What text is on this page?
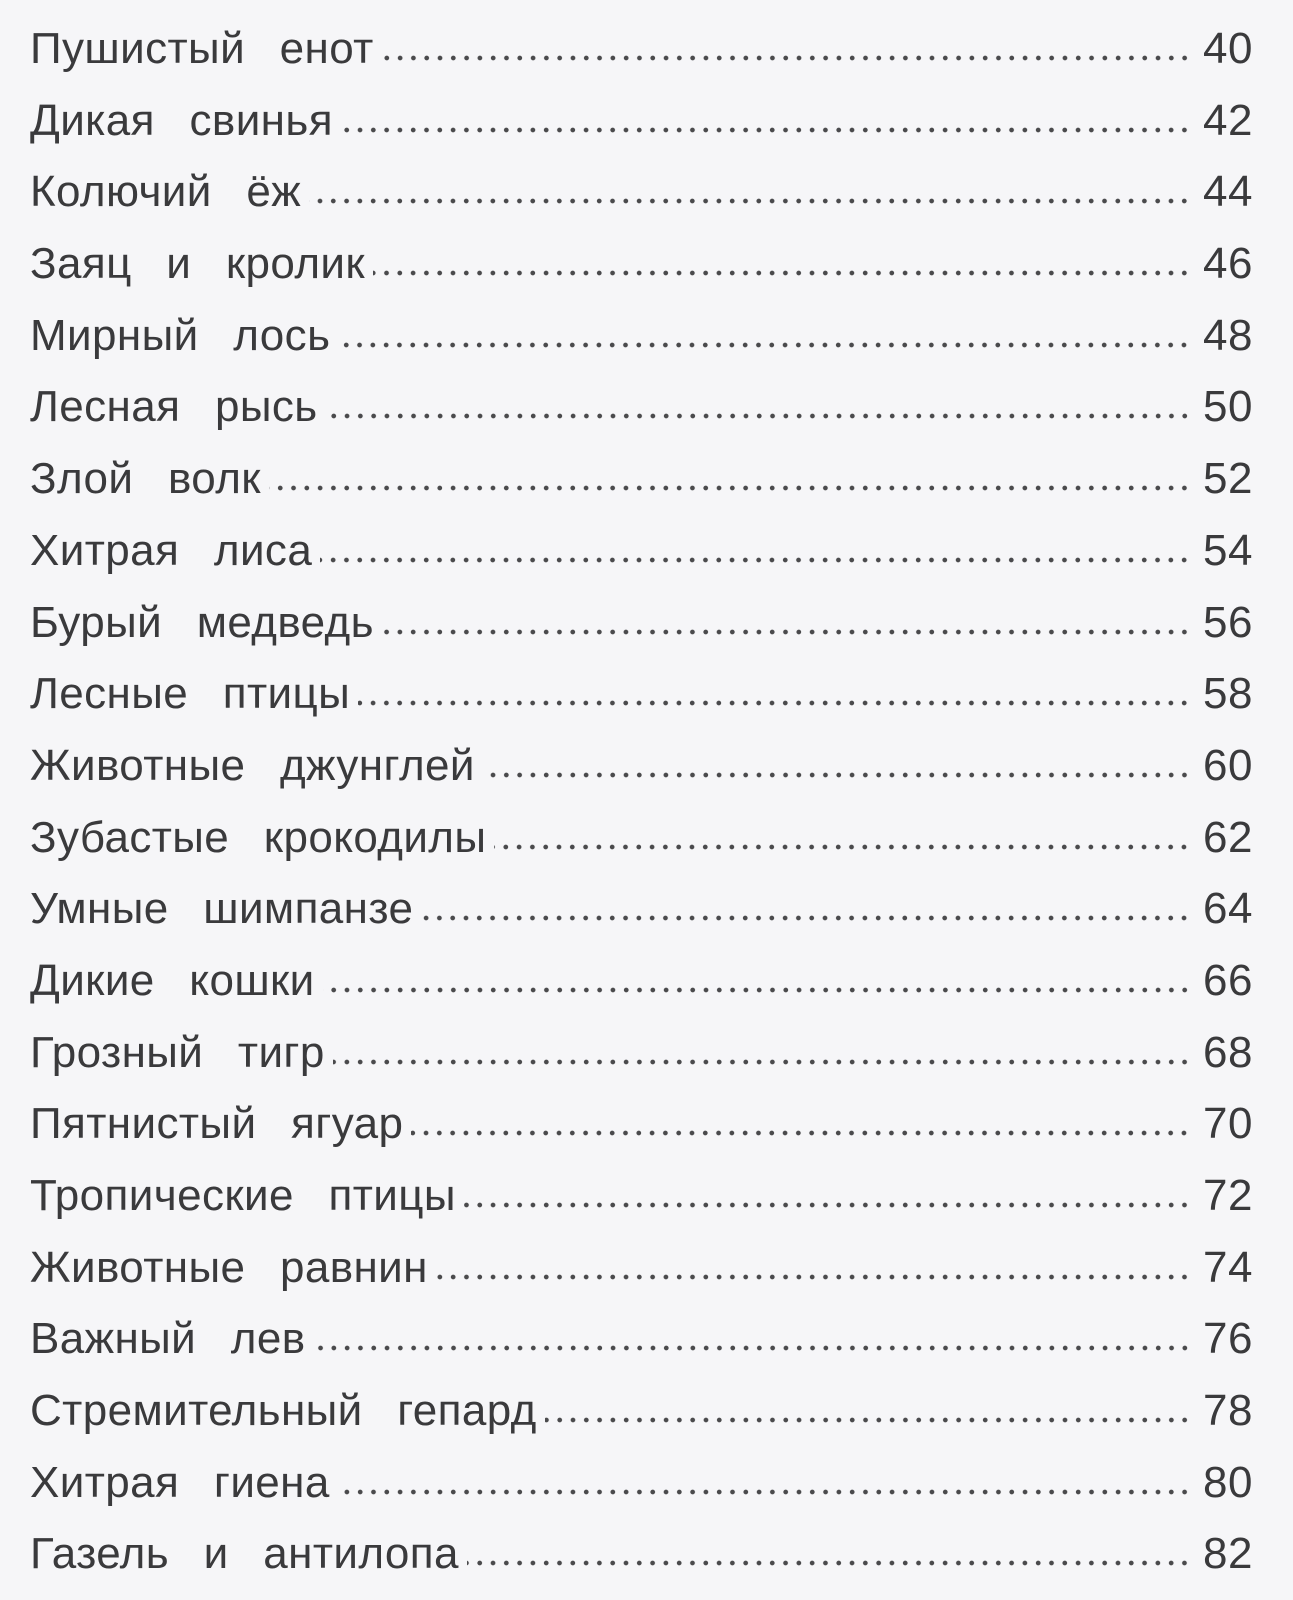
Пушистый енот	40
Дикая свинья	42
Колючий ёж	44
Заяц и кролик	46
Мирный лось	48
Лесная рысь	50
Злой волк	52
Хитрая лиса	54
Бурый медведь	56
Лесные птицы	58
Животные джунглей	60
Зубастые крокодилы	62
Умные шимпанзе	64
Дикие кошки	66
Грозный тигр	68
Пятнистый ягуар	70
Тропические птицы	72
Животные равнин	74
Важный лев	76
Стремительный гепард	78
Хитрая гиена	80
Газель и антилопа	82
